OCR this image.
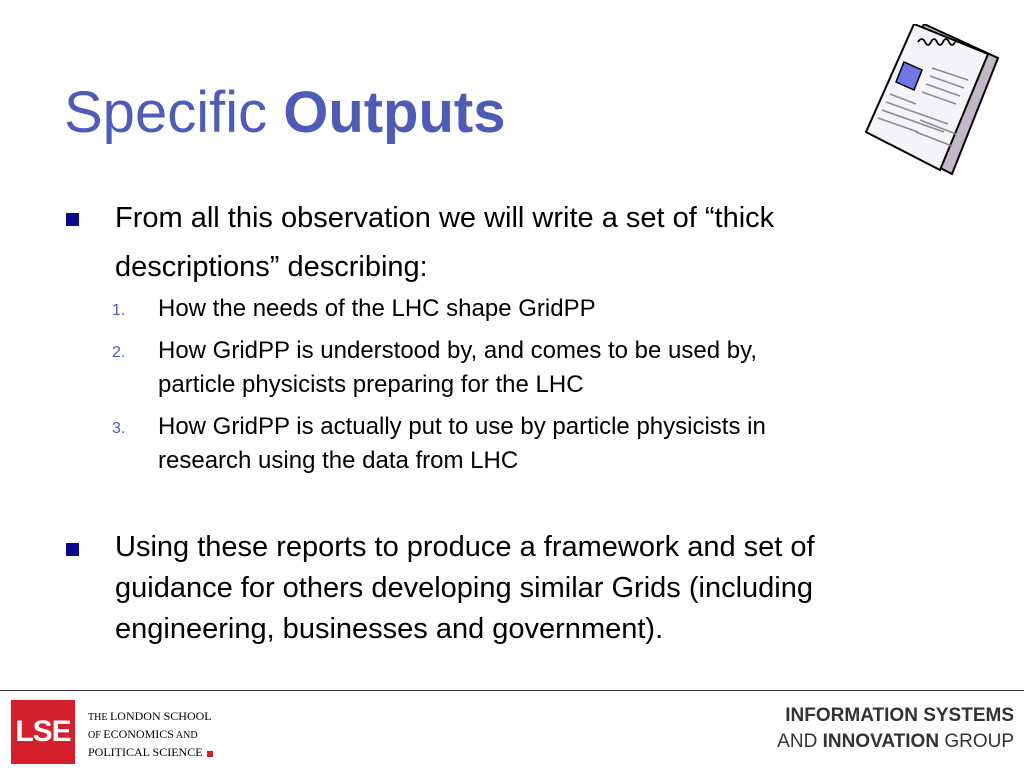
Specific Outputs
From all this observation we will write a set of “thick
descriptions” describing:
1.	How the needs of the LHC shape GridPP
2.	How GridPP is understood by, and comes to be used by,
particle physicists preparing for the LHC
3.	How GridPP is actually put to use by particle physicists in
research using the data from LHC
Using these reports to produce a framework and set of
guidance for others developing similar Grids (including
engineering, businesses and government).
LSE	THE LONDON SCHOOL
OF ECONOMICS AND
POLITICAL SCIENCE
INFORMATION SYSTEMS
AND INNOVATION GROUP
